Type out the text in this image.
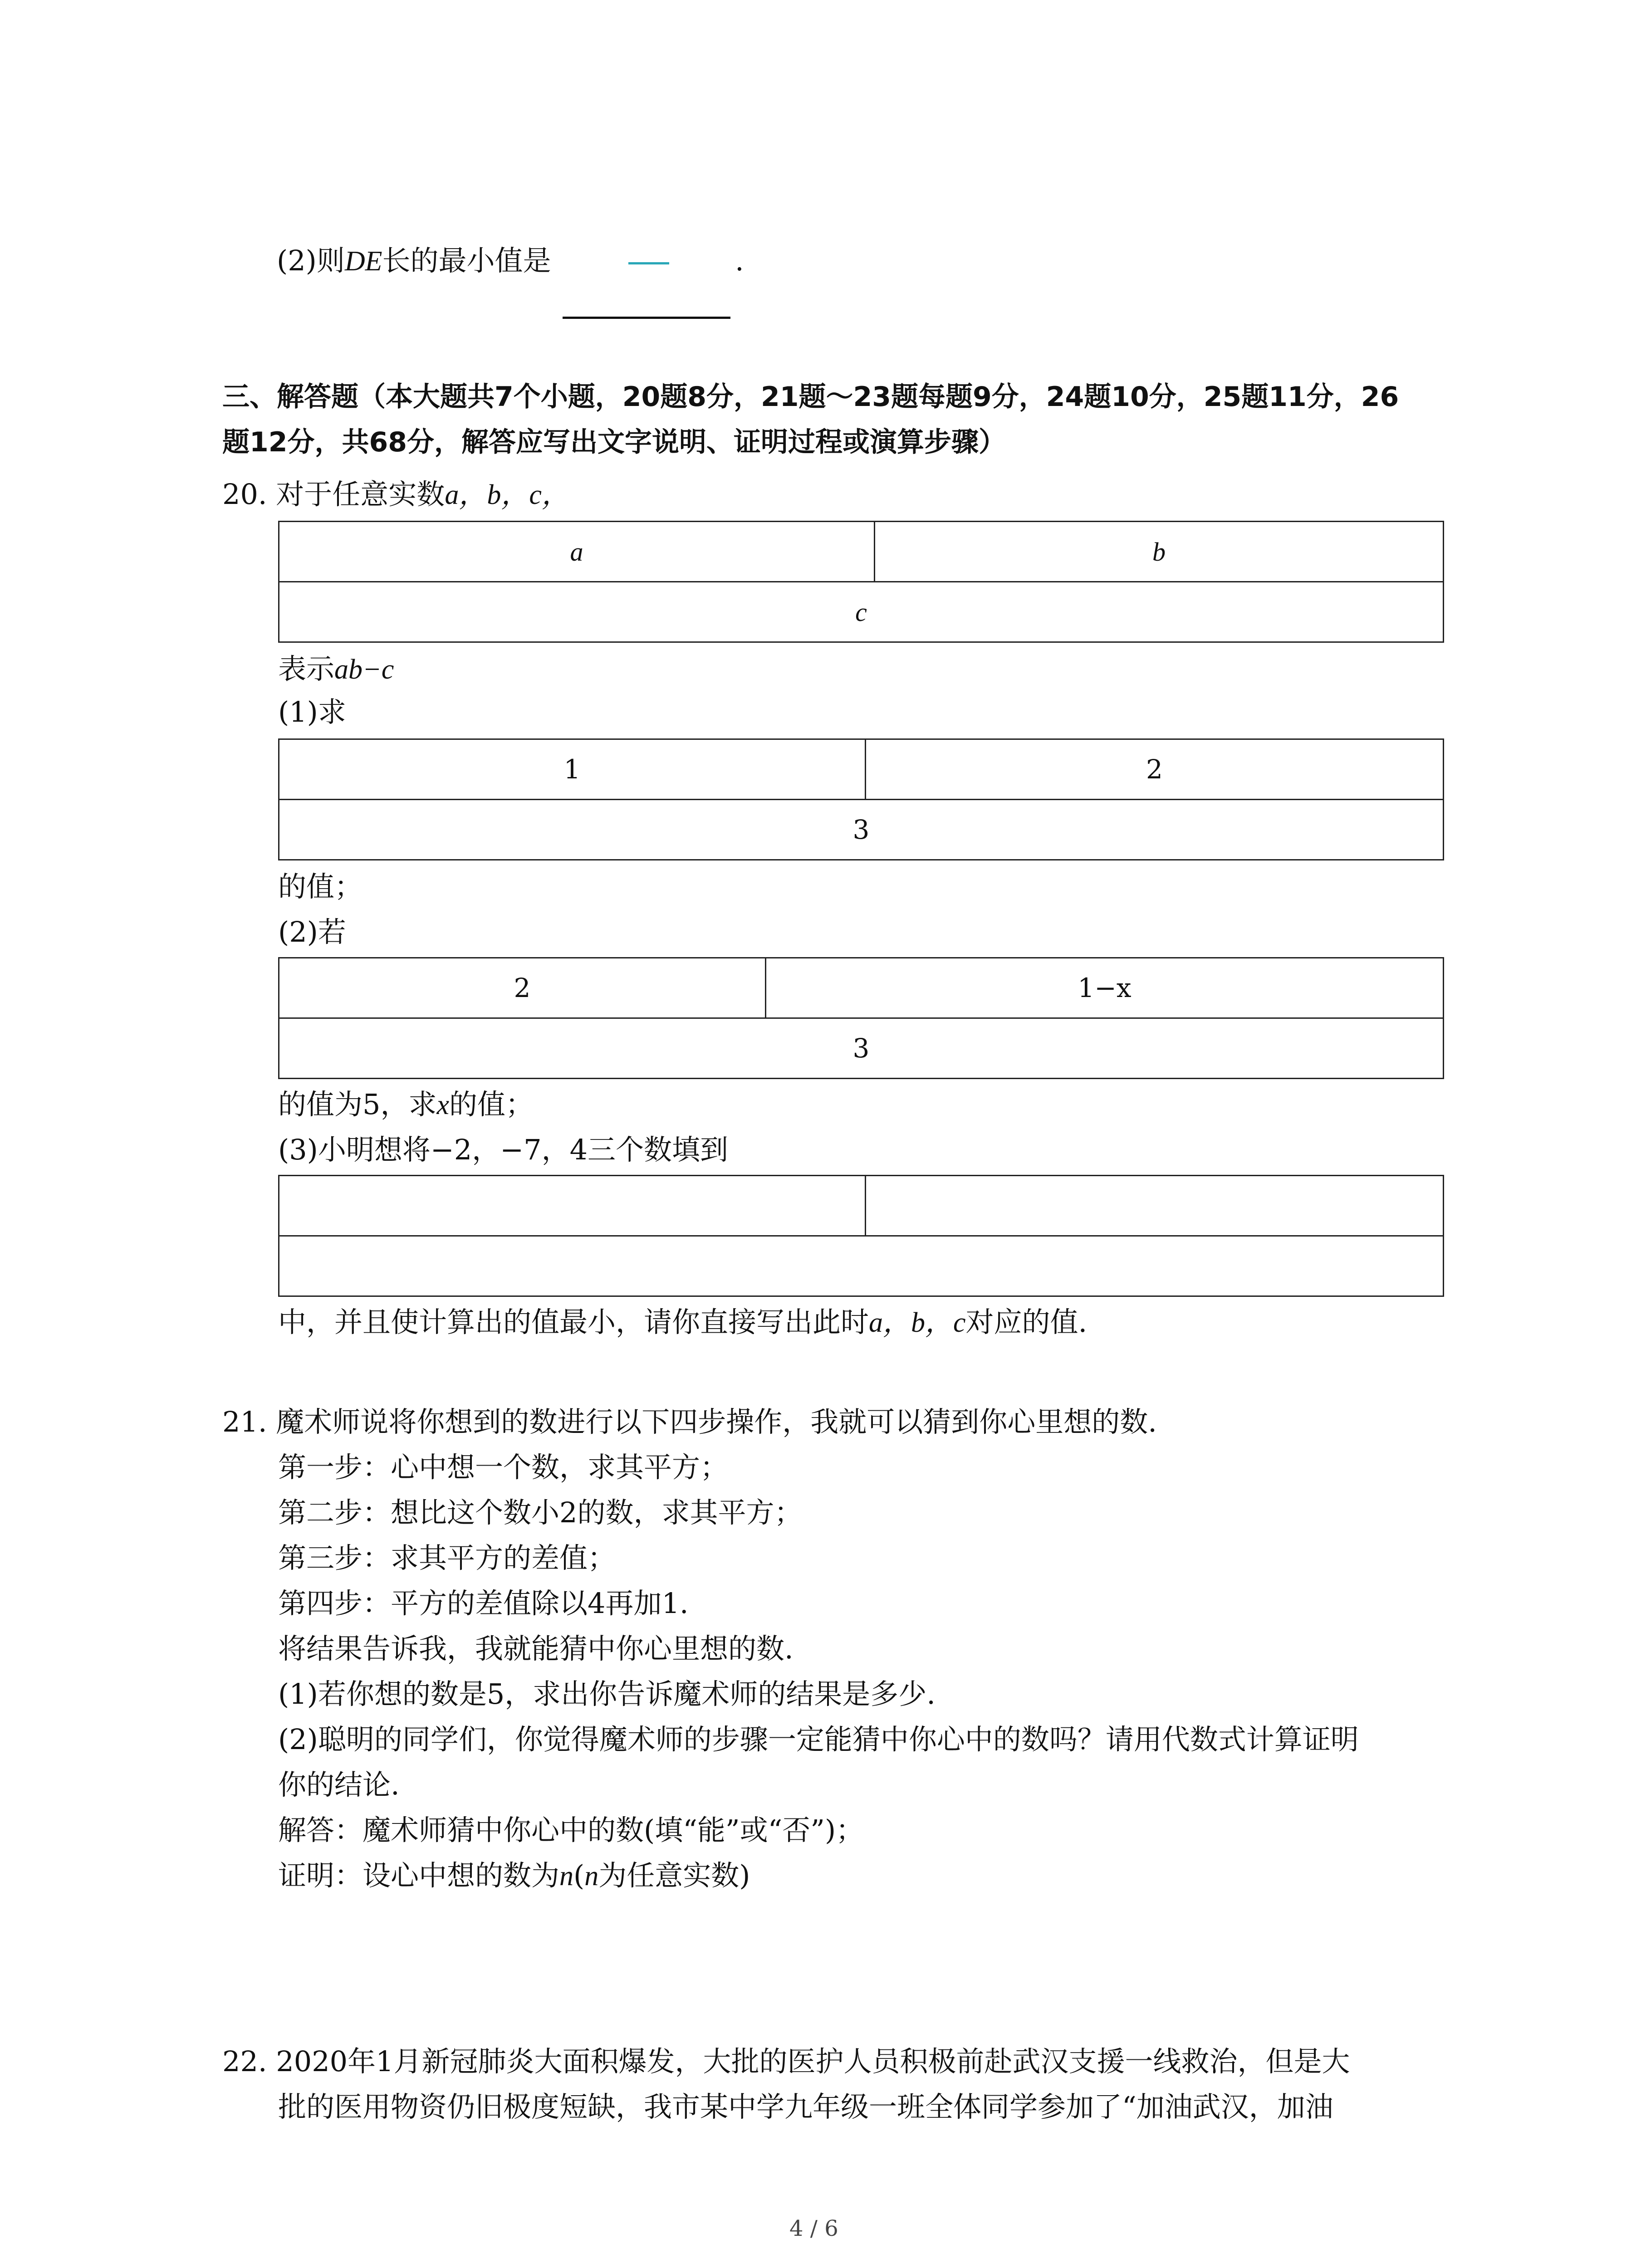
(2)则DE长的最小值是	.
三、解答题（本大题共7个小题，20题8分，21题～23题每题9分，24题10分，25题11分，26
题12分，共68分，解答应写出文字说明、证明过程或演算步骤）
20. 对于任意实数a，b，c，
a	b
c
表示ab−c
(1)求
1	2
3
的值；
(2)若
2	1−x
3
的值为5，求x的值；
(3)小明想将−2，−7，4三个数填到

中，并且使计算出的值最小，请你直接写出此时a，b，c对应的值.
21. 魔术师说将你想到的数进行以下四步操作，我就可以猜到你心里想的数.
第一步：心中想一个数，求其平方；
第二步：想比这个数小2的数，求其平方；
第三步：求其平方的差值；
第四步：平方的差值除以4再加1.
将结果告诉我，我就能猜中你心里想的数.
(1)若你想的数是5，求出你告诉魔术师的结果是多少.
(2)聪明的同学们，你觉得魔术师的步骤一定能猜中你心中的数吗？请用代数式计算证明
你的结论.
解答：魔术师猜中你心中的数(填“能”或“否”)；
证明：设心中想的数为n(n为任意实数)
22. 2020年1月新冠肺炎大面积爆发，大批的医护人员积极前赴武汉支援一线救治，但是大
批的医用物资仍旧极度短缺，我市某中学九年级一班全体同学参加了“加油武汉，加油
4 / 6
